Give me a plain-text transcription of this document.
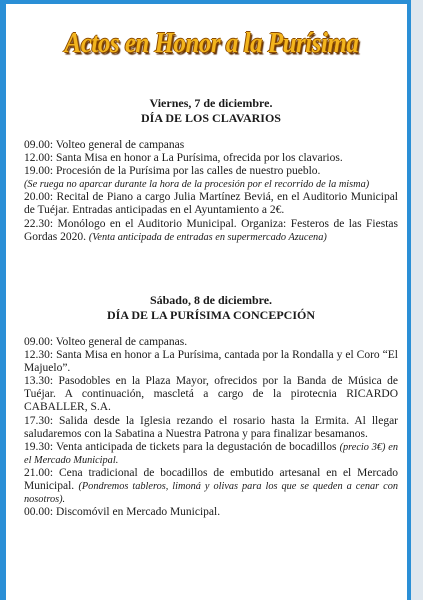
Actos en Honor a la Purísima
Viernes, 7 de diciembre.
DÍA DE LOS CLAVARIOS

09.00: Volteo general de campanas

12.00: Santa Misa en honor a La Purísima, ofrecida por los clavarios.

19.00: Procesión de la Purísima por las calles de nuestro pueblo.
(Se ruega no aparcar durante la hora de la procesión por el recorrido de la misma)

20.00: Recital de Piano a cargo Julia Martínez Beviá, en el Auditorio Municipal de Tuéjar. Entradas anticipadas en el Ayuntamiento a 2€.

22.30: Monólogo en el Auditorio Municipal. Organiza: Festeros de las Fiestas Gordas 2020. (Venta anticipada de entradas en supermercado Azucena)

Sábado, 8 de diciembre.
DÍA DE LA PURÍSIMA CONCEPCIÓN

09.00: Volteo general de campanas.

12.30: Santa Misa en honor a La Purísima, cantada por la Rondalla y el Coro “El Majuelo”.

13.30: Pasodobles en la Plaza Mayor, ofrecidos por la Banda de Música de Tuéjar. A continuación, mascletá a cargo de la pirotecnia RICARDO CABALLER, S.A.

17.30: Salida desde la Iglesia rezando el rosario hasta la Ermita. Al llegar saludaremos con la Sabatina a Nuestra Patrona y para finalizar besamanos.

19.30: Venta anticipada de tickets para la degustación de bocadillos (precio 3€) en el Mercado Municipal.

21.00: Cena tradicional de bocadillos de embutido artesanal en el Mercado Municipal. (Pondremos tableros, limoná y olivas para los que se queden a cenar con nosotros).

00.00: Discomóvil en Mercado Municipal.
